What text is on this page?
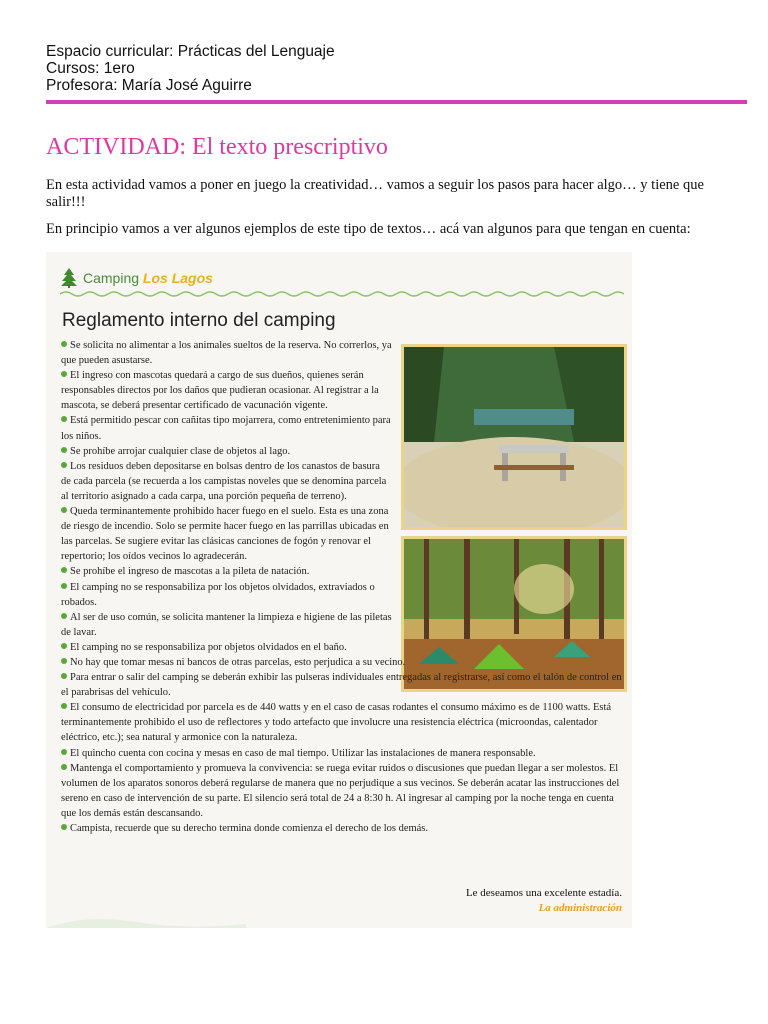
Espacio curricular: Prácticas del Lenguaje
Cursos: 1ero
Profesora: María José Aguirre
ACTIVIDAD: El texto prescriptivo

En esta actividad vamos a poner en juego la creatividad… vamos a seguir los pasos para hacer algo… y tiene que salir!!!

En principio vamos a ver algunos ejemplos de este tipo de textos… acá van algunos para que tengan en cuenta:

Camping Los Lagos
Reglamento interno del camping
Se solicita no alimentar a los animales sueltos de la reserva. No correrlos, ya que pueden asustarse.
El ingreso con mascotas quedará a cargo de sus dueños, quienes serán responsables directos por los daños que pudieran ocasionar. Al registrar a la mascota, se deberá presentar certificado de vacunación vigente.
Está permitido pescar con cañitas tipo mojarrera, como entretenimiento para los niños.
Se prohíbe arrojar cualquier clase de objetos al lago.
Los residuos deben depositarse en bolsas dentro de los canastos de basura de cada parcela (se recuerda a los campistas noveles que se denomina parcela al territorio asignado a cada carpa, una porción pequeña de terreno).
Queda terminantemente prohibido hacer fuego en el suelo. Esta es una zona de riesgo de incendio. Solo se permite hacer fuego en las parrillas ubicadas en las parcelas. Se sugiere evitar las clásicas canciones de fogón y renovar el repertorio; los oídos vecinos lo agradecerán.
Se prohíbe el ingreso de mascotas a la pileta de natación.
El camping no se responsabiliza por los objetos olvidados, extraviados o robados.
Al ser de uso común, se solicita mantener la limpieza e higiene de las piletas de lavar.
El camping no se responsabiliza por objetos olvidados en el baño.
No hay que tomar mesas ni bancos de otras parcelas, esto perjudica a su vecino.
Para entrar o salir del camping se deberán exhibir las pulseras individuales entregadas al registrarse, así como el talón de control en el parabrisas del vehículo.
El consumo de electricidad por parcela es de 440 watts y en el caso de casas rodantes el consumo máximo es de 1100 watts. Está terminantemente prohibido el uso de reflectores y todo artefacto que involucre una resistencia eléctrica (microondas, calentador eléctrico, etc.); sea natural y armonice con la naturaleza.
El quincho cuenta con cocina y mesas en caso de mal tiempo. Utilizar las instalaciones de manera responsable.
Mantenga el comportamiento y promueva la convivencia: se ruega evitar ruidos o discusiones que puedan llegar a ser molestos. El volumen de los aparatos sonoros deberá regularse de manera que no perjudique a sus vecinos. Se deberán acatar las instrucciones del sereno en caso de intervención de su parte. El silencio será total de 24 a 8:30 h. Al ingresar al camping por la noche tenga en cuenta que los demás están descansando.
Campista, recuerde que su derecho termina donde comienza el derecho de los demás.
Le deseamos una excelente estadía.
La administración
